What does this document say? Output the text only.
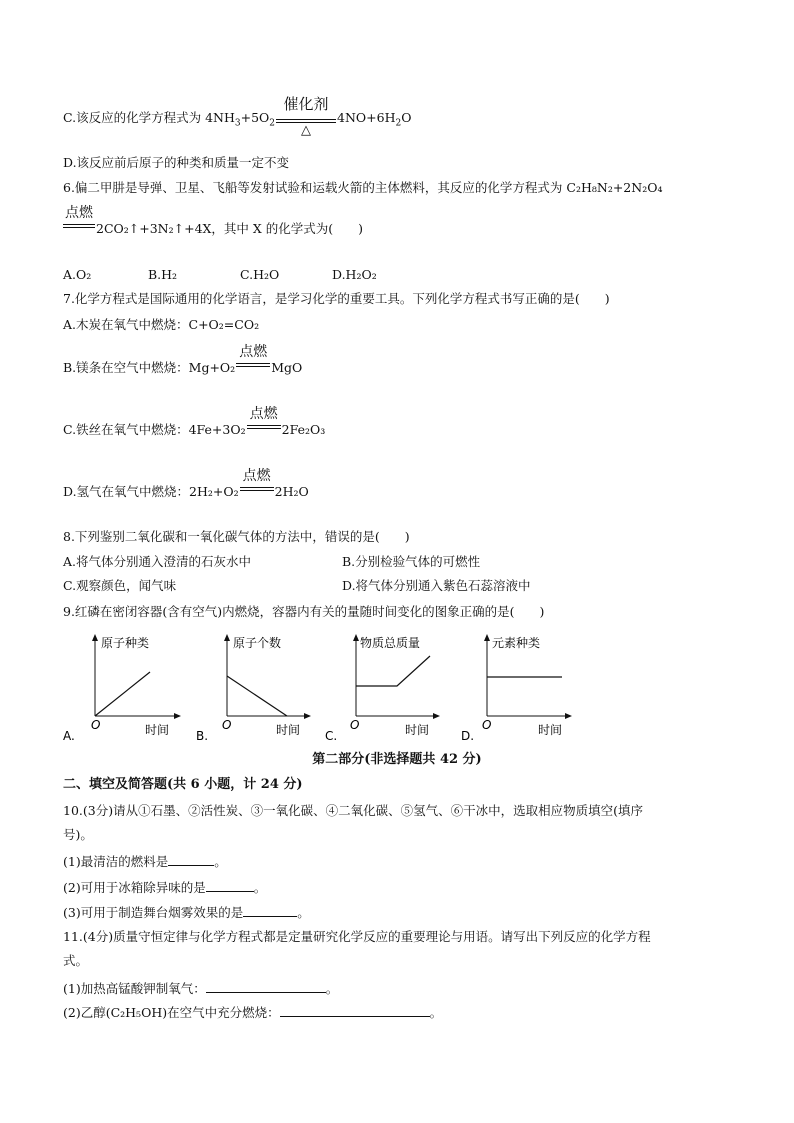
C.该反应的化学方程式为 $4NH_3+5O_2$
催化剂
△
$4NO+6H_2O$
D.该反应前后原子的种类和质量一定不变
6.偏二甲肼是导弹、卫星、飞船等发射试验和运载火箭的主体燃料，其反应的化学方程式为 C₂H₈N₂+2N₂O₄
点燃
2CO₂↑+3N₂↑+4X，其中 X 的化学式为(　　)
A.O₂	B.H₂	C.H₂O	D.H₂O₂
7.化学方程式是国际通用的化学语言，是学习化学的重要工具。下列化学方程式书写正确的是(　　)
A.木炭在氧气中燃烧：C+O₂=CO₂
B.镁条在空气中燃烧：Mg+O₂
点燃
MgO
C.铁丝在氧气中燃烧：4Fe+3O₂
点燃
2Fe₂O₃
D.氢气在氧气中燃烧：2H₂+O₂
点燃
2H₂O
8.下列鉴别二氧化碳和一氧化碳气体的方法中，错误的是(　　)
A.将气体分别通入澄清的石灰水中	B.分别检验气体的可燃性
C.观察颜色，闻气味	D.将气体分别通入紫色石蕊溶液中
9.红磷在密闭容器(含有空气)内燃烧，容器内有关的量随时间变化的图象正确的是(　　)
原子种类
O	时间
A.
原子个数
O	时间
B.
物质总质量
O	时间
C.
元素种类
O	时间
D.
第二部分(非选择题共 42 分)
二、填空及简答题(共 6 小题，计 24 分)
10.(3分)请从①石墨、②活性炭、③一氧化碳、④二氧化碳、⑤氢气、⑥干冰中，选取相应物质填空(填序
号)。
(1)最清洁的燃料是	。
(2)可用于冰箱除异味的是	。
(3)可用于制造舞台烟雾效果的是	。
11.(4分)质量守恒定律与化学方程式都是定量研究化学反应的重要理论与用语。请写出下列反应的化学方程
式。
(1)加热高锰酸钾制氧气：	。
(2)乙醇(C₂H₅OH)在空气中充分燃烧：	。
